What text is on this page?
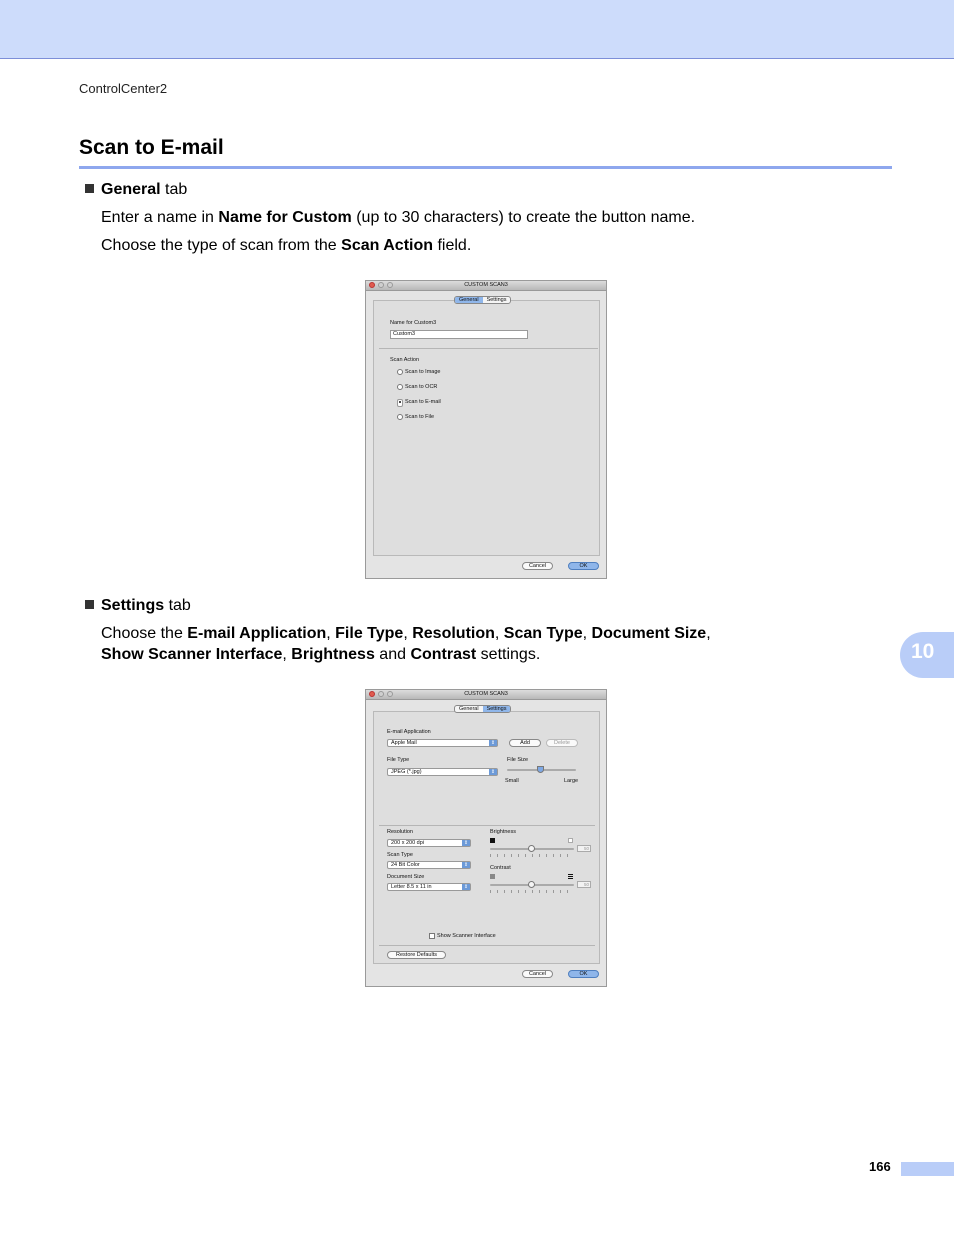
ControlCenter2
Scan to E-mail
General tab
Enter a name in Name for Custom (up to 30 characters) to create the button name.
Choose the type of scan from the Scan Action field.
CUSTOM SCAN3
General	Settings
Name for Custom3
Custom3
Scan Action
Scan to Image
Scan to OCR
Scan to E-mail
Scan to File
Cancel	OK
Settings tab
Choose the E-mail Application, File Type, Resolution, Scan Type, Document Size,
Show Scanner Interface, Brightness and Contrast settings.
CUSTOM SCAN3
General	Settings
E-mail Application
Apple Mail	⇕	Add	Delete
File Type
JPEG (*.jpg)	⇕
File Size
Small	Large
Resolution
200 x 200 dpi	⇕
Scan Type
24 Bit Color	⇕
Document Size
Letter 8.5 x 11 in	⇕
Brightness
50
Contrast
50
Show Scanner Interface
Restore Defaults
Cancel	OK
10
166
